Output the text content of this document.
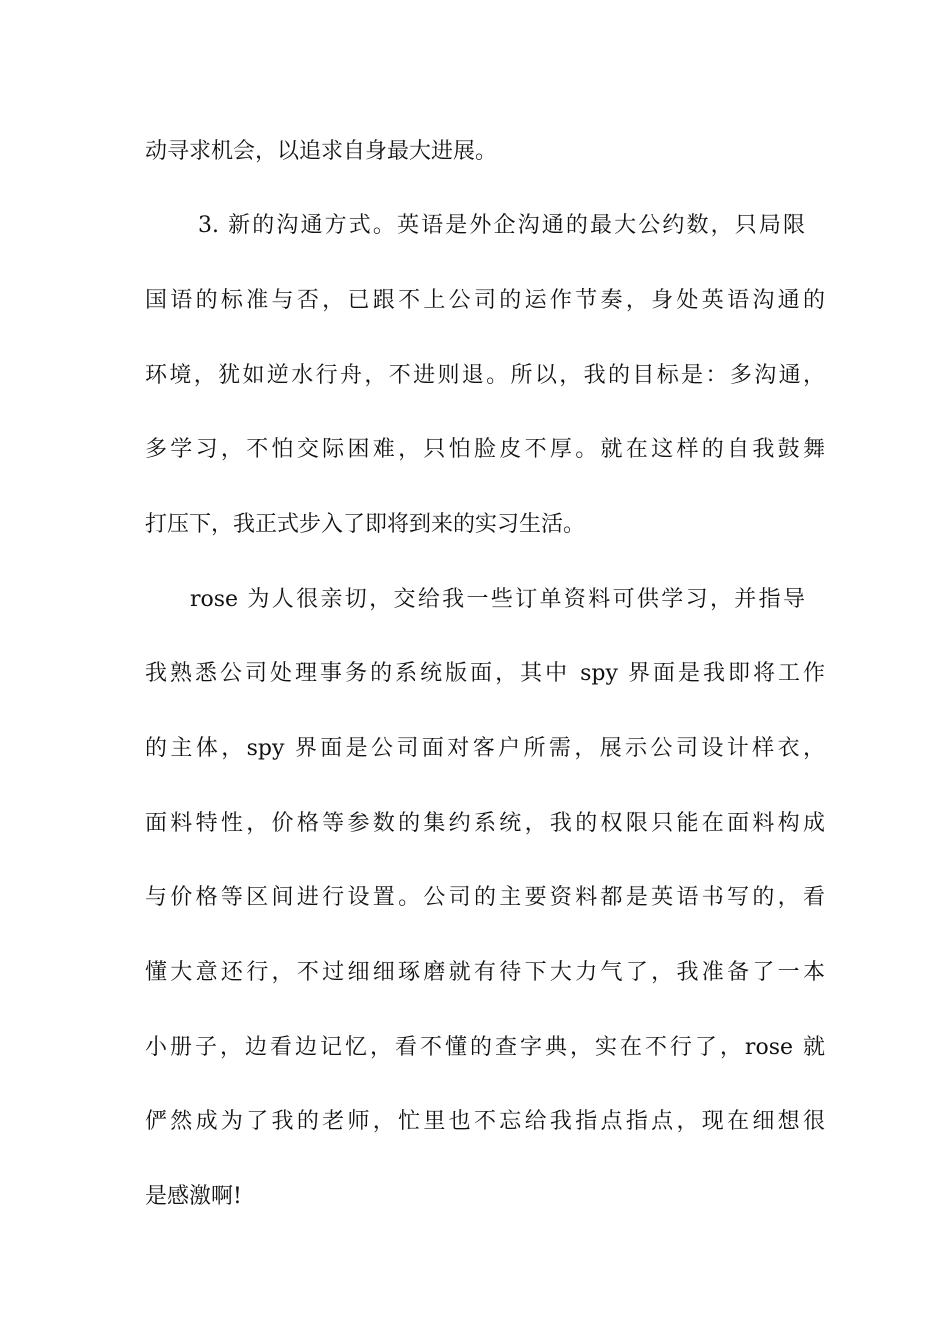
动寻求机会，以追求自身最大进展。
3. 新的沟通方式。英语是外企沟通的最大公约数，只局限
国语的标准与否，已跟不上公司的运作节奏，身处英语沟通的
环境，犹如逆水行舟，不进则退。所以，我的目标是：多沟通，
多学习，不怕交际困难，只怕脸皮不厚。就在这样的自我鼓舞
打压下，我正式步入了即将到来的实习生活。
rose 为人很亲切，交给我一些订单资料可供学习，并指导
我熟悉公司处理事务的系统版面，其中 spy 界面是我即将工作
的主体，spy 界面是公司面对客户所需，展示公司设计样衣，
面料特性，价格等参数的集约系统，我的权限只能在面料构成
与价格等区间进行设置。公司的主要资料都是英语书写的，看
懂大意还行，不过细细琢磨就有待下大力气了，我准备了一本
小册子，边看边记忆，看不懂的查字典，实在不行了，rose 就
俨然成为了我的老师，忙里也不忘给我指点指点，现在细想很
是感激啊!
